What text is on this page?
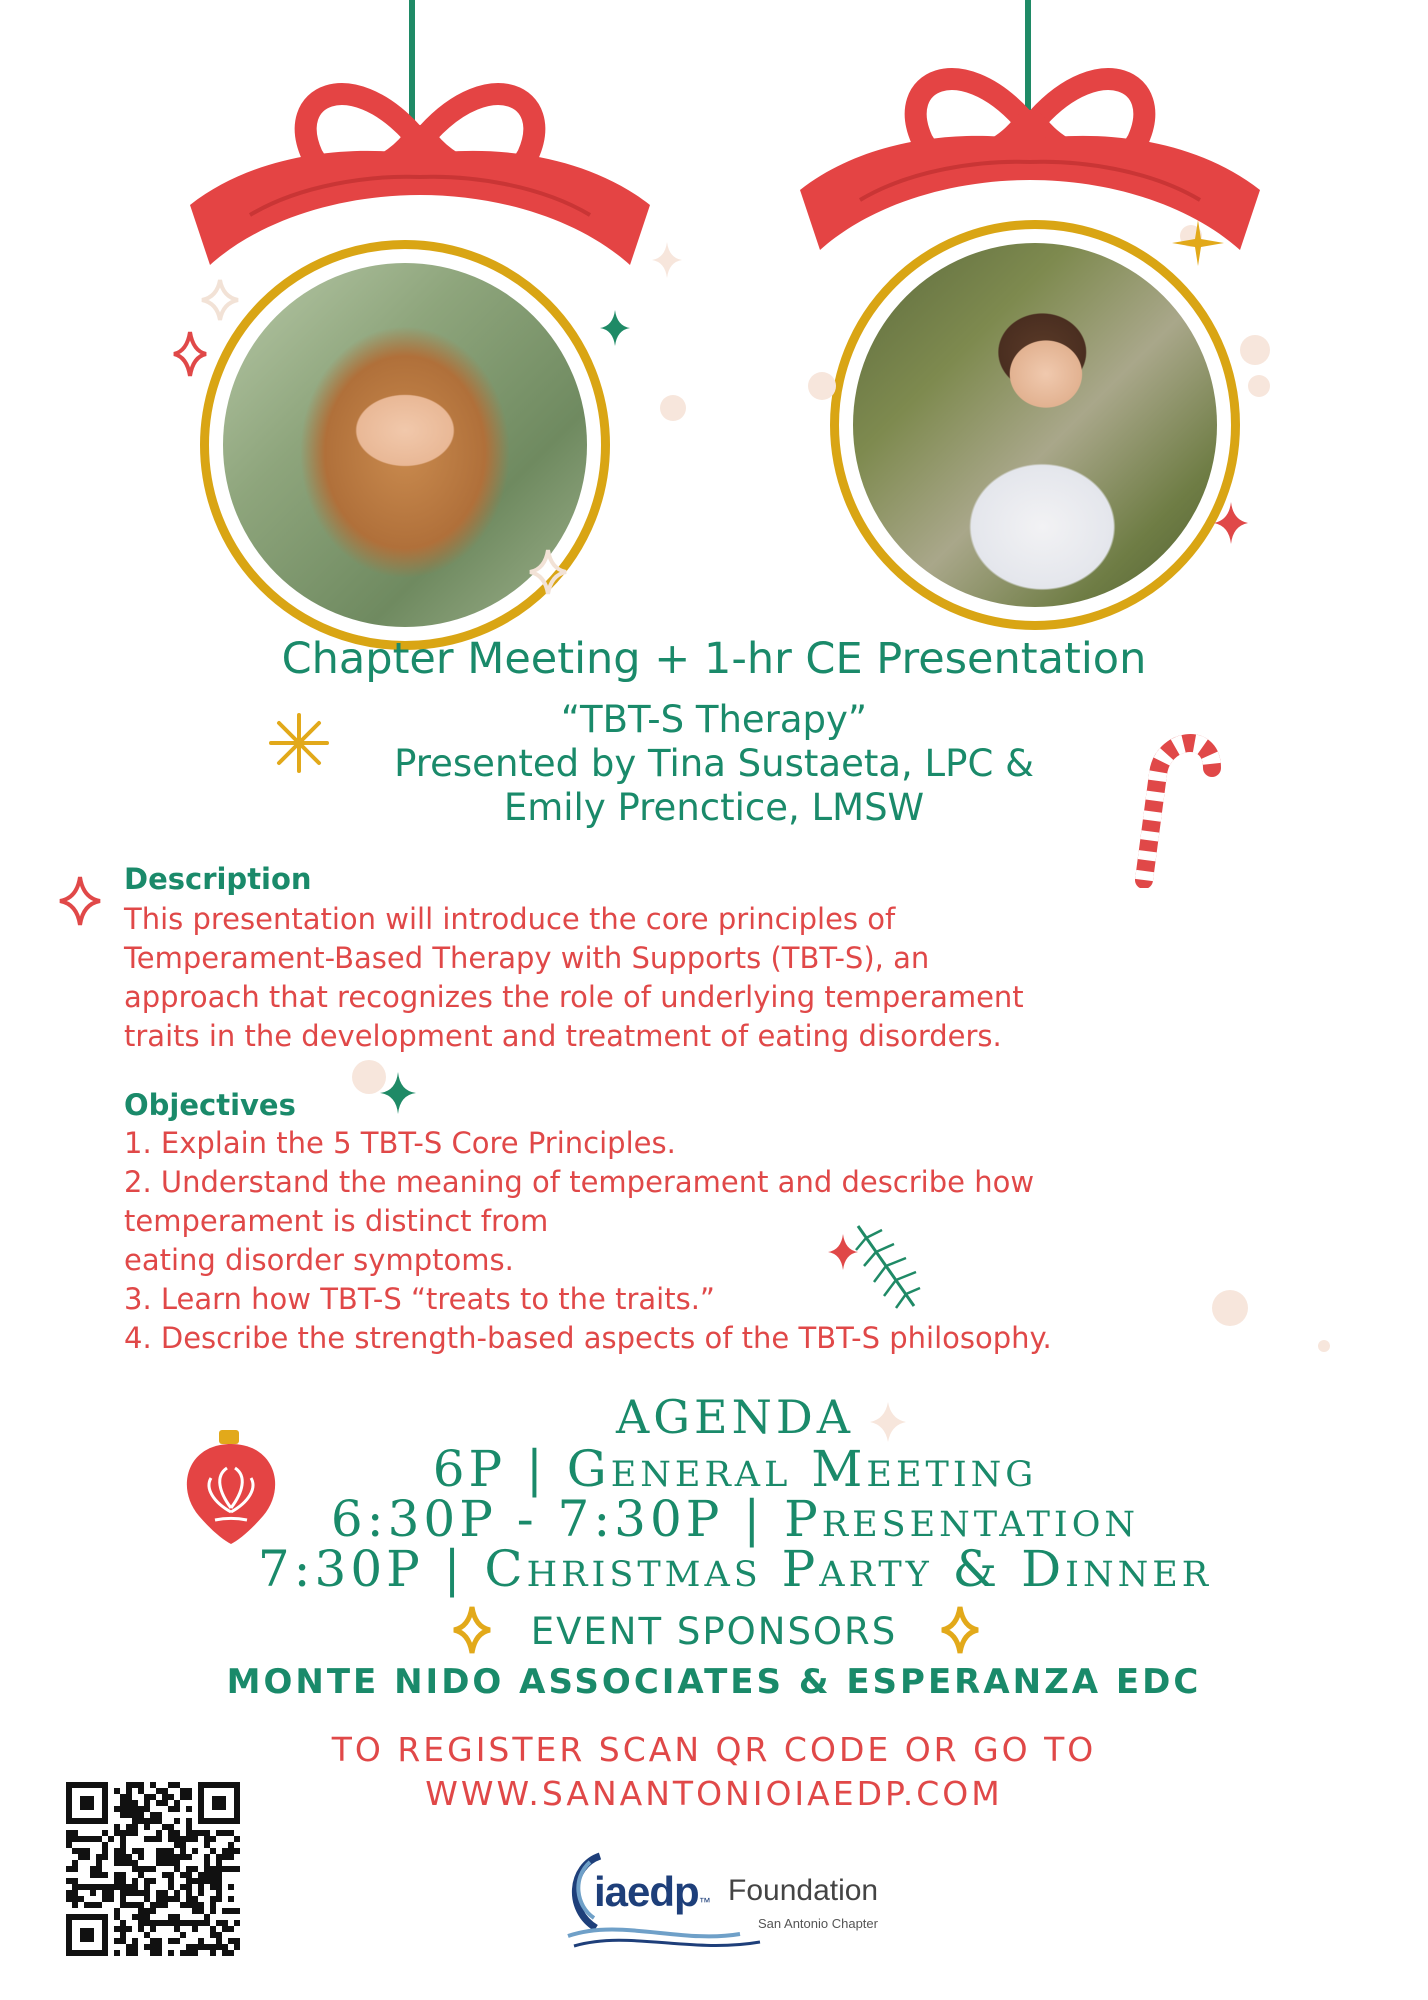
Chapter Meeting + 1-hr CE Presentation
“TBT-S Therapy”
Presented by Tina Sustaeta, LPC &
Emily Prenctice, LMSW
Description
This presentation will introduce the core principles of
Temperament-Based Therapy with Supports (TBT-S), an
approach that recognizes the role of underlying temperament
traits in the development and treatment of eating disorders.
Objectives
1. Explain the 5 TBT-S Core Principles.
2. Understand the meaning of temperament and describe how
temperament is distinct from
eating disorder symptoms.
3. Learn how TBT-S “treats to the traits.”
4. Describe the strength-based aspects of the TBT-S philosophy.
AGENDA
6P | General Meeting
6:30P - 7:30P | Presentation
7:30P | Christmas Party & Dinner
EVENT SPONSORS
MONTE NIDO ASSOCIATES & ESPERANZA EDC
TO REGISTER SCAN QR CODE OR GO TO
WWW.SANANTONIOIAEDP.COM
iaedp™ Foundation
San Antonio Chapter
